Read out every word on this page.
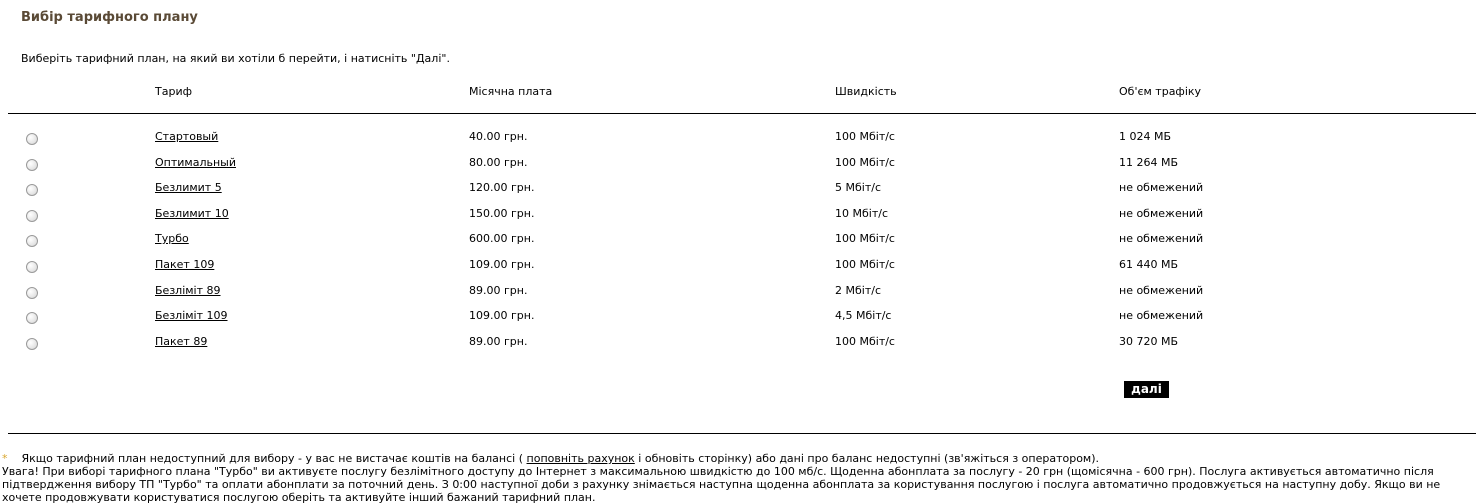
Вибір тарифного плану
Виберіть тарифний план, на який ви хотіли б перейти, і натисніть "Далі".
Тариф	Місячна плата	Швидкість	Об'єм трафіку
Стартовый	40.00 грн.	100 Мбіт/с	1 024 МБ
Оптимальный	80.00 грн.	100 Мбіт/с	11 264 МБ
Безлимит 5	120.00 грн.	5 Мбіт/с	не обмежений
Безлимит 10	150.00 грн.	10 Мбіт/с	не обмежений
Турбо	600.00 грн.	100 Мбіт/с	не обмежений
Пакет 109	109.00 грн.	100 Мбіт/с	61 440 МБ
Безліміт 89	89.00 грн.	2 Мбіт/с	не обмежений
Безліміт 109	109.00 грн.	4,5 Мбіт/с	не обмежений
Пакет 89	89.00 грн.	100 Мбіт/с	30 720 МБ
далі
* Якщо тарифний план недоступний для вибору - у вас не вистачає коштів на балансі ( поповніть рахунок і обновіть сторінку) або дані про баланс недоступні (зв'яжіться з оператором).
Увага! При виборі тарифного плана "Турбо" ви активуєте послугу безлімітного доступу до Інтернет з максимальною швидкістю до 100 мб/с. Щоденна абонплата за послугу - 20 грн (щомісячна - 600 грн). Послуга активується автоматично після підтвердження вибору ТП "Турбо" та оплати абонплати за поточний день. З 0:00 наступної доби з рахунку знімається наступна щоденна абонплата за користування послугою і послуга автоматично продовжується на наступну добу. Якщо ви не хочете продовжувати користуватися послугою оберіть та активуйте інший бажаний тарифний план.
